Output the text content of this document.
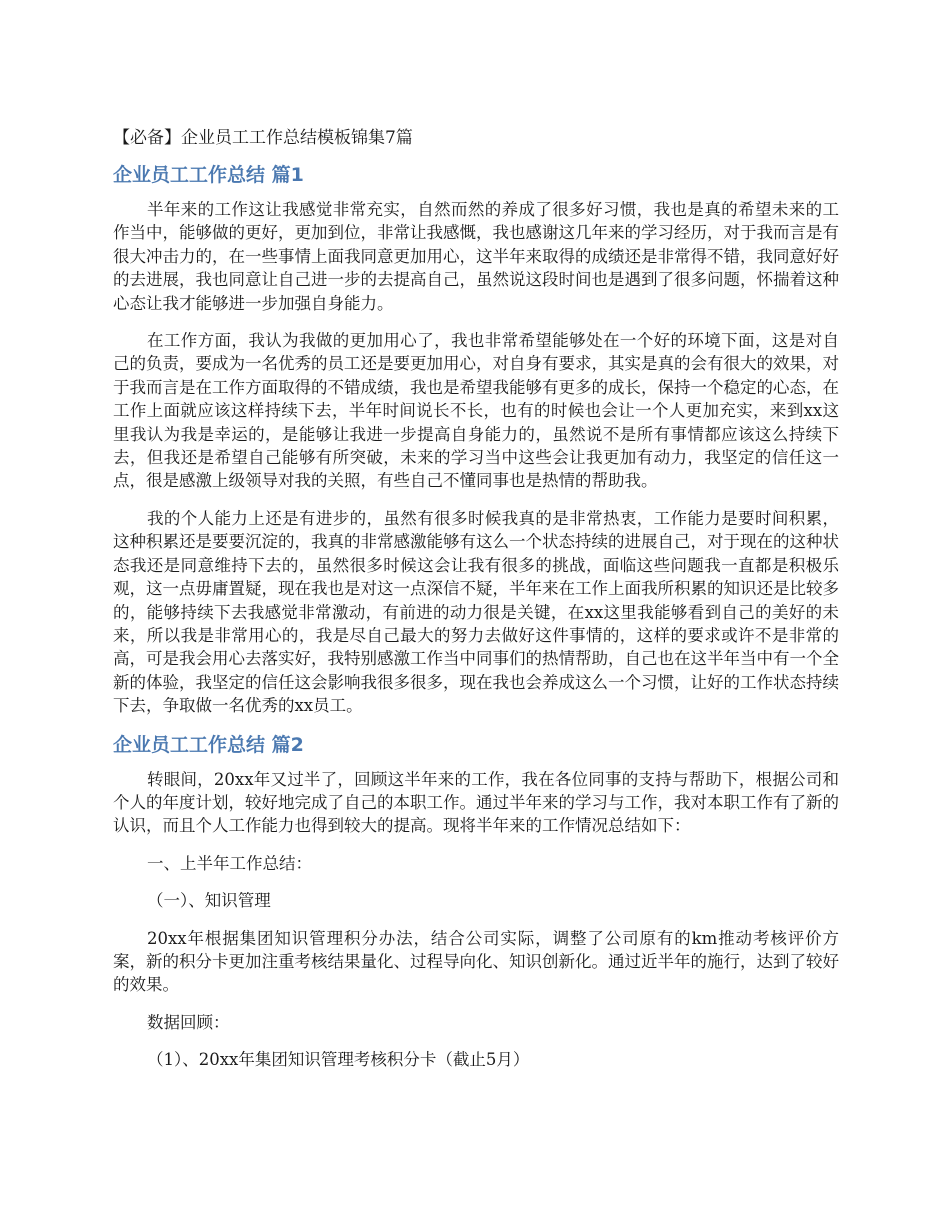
【必备】企业员工工作总结模板锦集7篇
企业员工工作总结 篇1

半年来的工作这让我感觉非常充实，自然而然的养成了很多好习惯，我也是真的希望未来的工作当中，能够做的更好，更加到位，非常让我感慨，我也感谢这几年来的学习经历，对于我而言是有很大冲击力的，在一些事情上面我同意更加用心，这半年来取得的成绩还是非常得不错，我同意好好的去进展，我也同意让自己进一步的去提高自己，虽然说这段时间也是遇到了很多问题，怀揣着这种心态让我才能够进一步加强自身能力。

在工作方面，我认为我做的更加用心了，我也非常希望能够处在一个好的环境下面，这是对自己的负责，要成为一名优秀的员工还是要更加用心，对自身有要求，其实是真的会有很大的效果，对于我而言是在工作方面取得的不错成绩，我也是希望我能够有更多的成长，保持一个稳定的心态，在工作上面就应该这样持续下去，半年时间说长不长，也有的时候也会让一个人更加充实，来到xx这里我认为我是幸运的，是能够让我进一步提高自身能力的，虽然说不是所有事情都应该这么持续下去，但我还是希望自己能够有所突破，未来的学习当中这些会让我更加有动力，我坚定的信任这一点，很是感激上级领导对我的关照，有些自己不懂同事也是热情的帮助我。

我的个人能力上还是有进步的，虽然有很多时候我真的是非常热衷，工作能力是要时间积累，这种积累还是要要沉淀的，我真的非常感激能够有这么一个状态持续的进展自己，对于现在的这种状态我还是同意维持下去的，虽然很多时候这会让我有很多的挑战，面临这些问题我一直都是积极乐观，这一点毋庸置疑，现在我也是对这一点深信不疑，半年来在工作上面我所积累的知识还是比较多的，能够持续下去我感觉非常激动，有前进的动力很是关键，在xx这里我能够看到自己的美好的未来，所以我是非常用心的，我是尽自己最大的努力去做好这件事情的，这样的要求或许不是非常的高，可是我会用心去落实好，我特别感激工作当中同事们的热情帮助，自己也在这半年当中有一个全新的体验，我坚定的信任这会影响我很多很多，现在我也会养成这么一个习惯，让好的工作状态持续下去，争取做一名优秀的xx员工。

企业员工工作总结 篇2

转眼间，20xx年又过半了，回顾这半年来的工作，我在各位同事的支持与帮助下，根据公司和个人的年度计划，较好地完成了自己的本职工作。通过半年来的学习与工作，我对本职工作有了新的认识，而且个人工作能力也得到较大的提高。现将半年来的工作情况总结如下：

一、上半年工作总结：

（一）、知识管理

20xx年根据集团知识管理积分办法，结合公司实际，调整了公司原有的km推动考核评价方案，新的积分卡更加注重考核结果量化、过程导向化、知识创新化。通过近半年的施行，达到了较好的效果。

数据回顾：

（1）、20xx年集团知识管理考核积分卡（截止5月）
